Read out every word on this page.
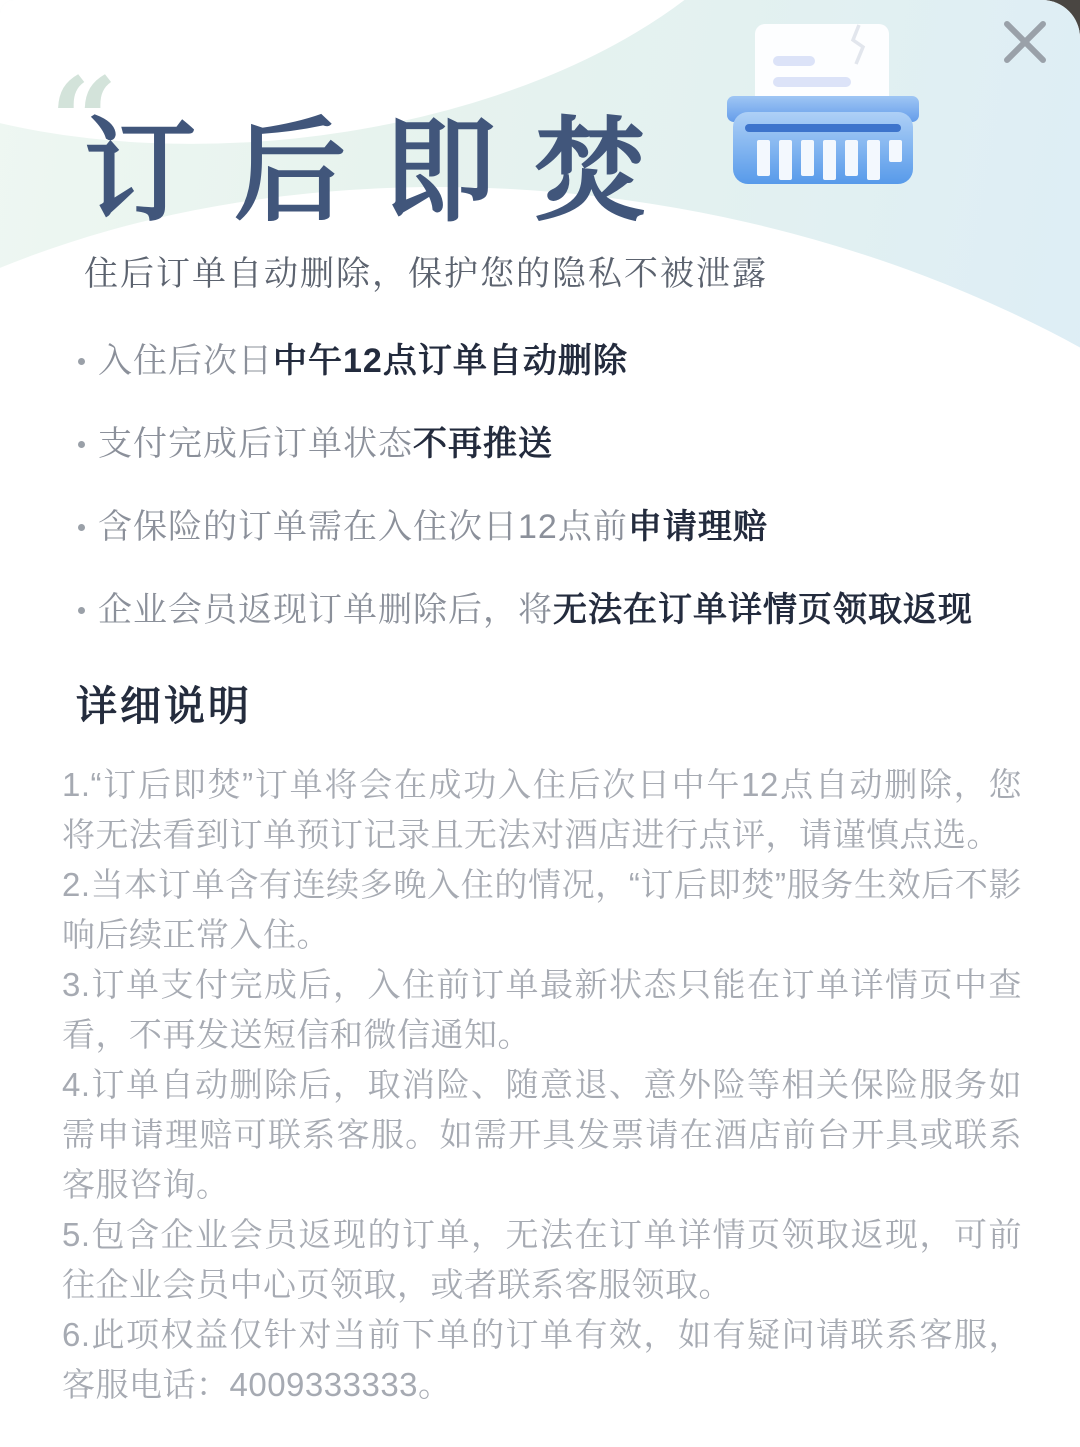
“
订后即焚

住后订单自动删除，保护您的隐私不被泄露

入住后次日中午12点订单自动删除
支付完成后订单状态不再推送
含保险的订单需在入住次日12点前申请理赔
企业会员返现订单删除后，将无法在订单详情页领取返现
详细说明

1.“订后即焚”订单将会在成功入住后次日中午12点自动删除，您将无法看到订单预订记录且无法对酒店进行点评，请谨慎点选。

2.当本订单含有连续多晚入住的情况，“订后即焚”服务生效后不影响后续正常入住。

3.订单支付完成后，入住前订单最新状态只能在订单详情页中查看，不再发送短信和微信通知。

4.订单自动删除后，取消险、随意退、意外险等相关保险服务如需申请理赔可联系客服。如需开具发票请在酒店前台开具或联系客服咨询。

5.包含企业会员返现的订单，无法在订单详情页领取返现，可前往企业会员中心页领取，或者联系客服领取。

6.此项权益仅针对当前下单的订单有效，如有疑问请联系客服，客服电话：4009333333。
